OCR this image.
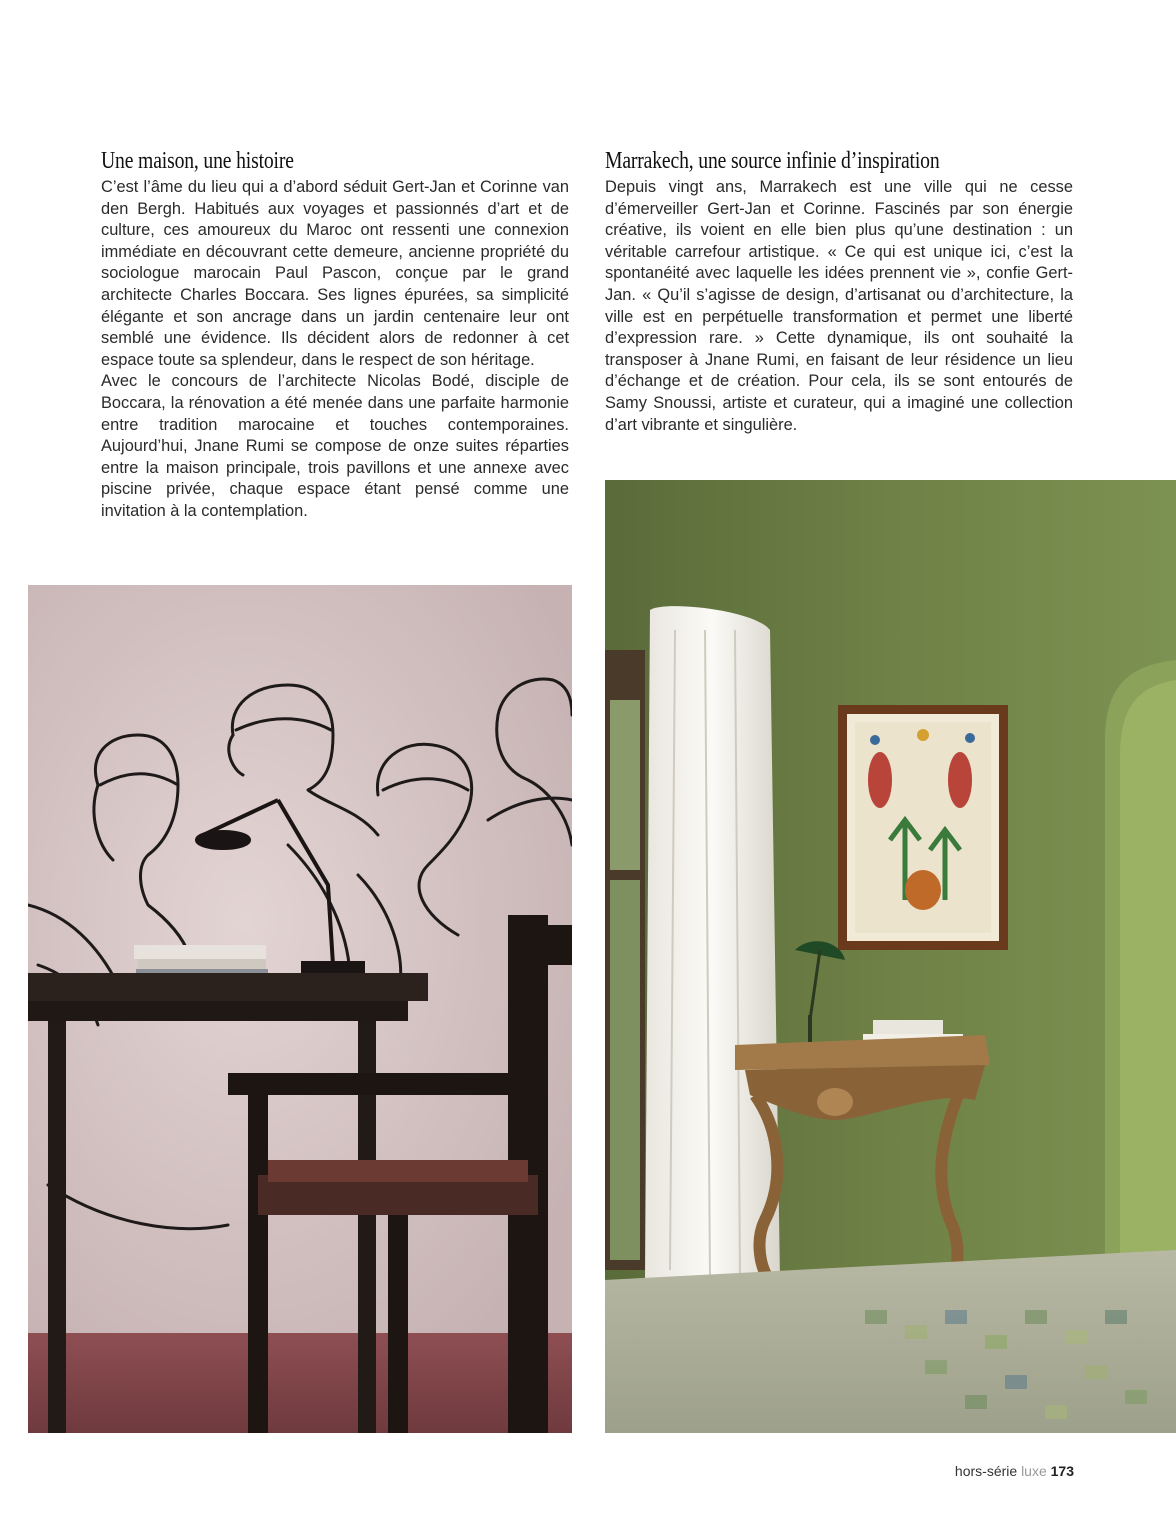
Une maison, une histoire

C’est l’âme du lieu qui a d’abord séduit Gert-Jan et Corinne van den Bergh. Habitués aux voyages et passionnés d’art et de culture, ces amoureux du Maroc ont ressenti une connexion immédiate en découvrant cette demeure, ancienne propriété du sociologue marocain Paul Pascon, conçue par le grand architecte Charles Boccara. Ses lignes épurées, sa simplicité élégante et son ancrage dans un jardin centenaire leur ont semblé une évidence. Ils décident alors de redonner à cet espace toute sa splendeur, dans le respect de son héritage.

Avec le concours de l’architecte Nicolas Bodé, disciple de Boccara, la rénovation a été menée dans une parfaite harmonie entre tradition marocaine et touches contemporaines. Aujourd’hui, Jnane Rumi se compose de onze suites réparties entre la maison principale, trois pavillons et une annexe avec piscine privée, chaque espace étant pensé comme une invitation à la contemplation.

Marrakech, une source infinie d’inspiration

Depuis vingt ans, Marrakech est une ville qui ne cesse d’émerveiller Gert-Jan et Corinne. Fascinés par son énergie créative, ils voient en elle bien plus qu’une destination : un véritable carrefour artistique. « Ce qui est unique ici, c’est la spontanéité avec laquelle les idées prennent vie », confie Gert-Jan. « Qu’il s’agisse de design, d’artisanat ou d’architecture, la ville est en perpétuelle transformation et permet une liberté d’expression rare. » Cette dynamique, ils ont souhaité la transposer à Jnane Rumi, en faisant de leur résidence un lieu d’échange et de création. Pour cela, ils se sont entourés de Samy Snoussi, artiste et curateur, qui a imaginé une collection d’art vibrante et singulière.

hors-série luxe 173
